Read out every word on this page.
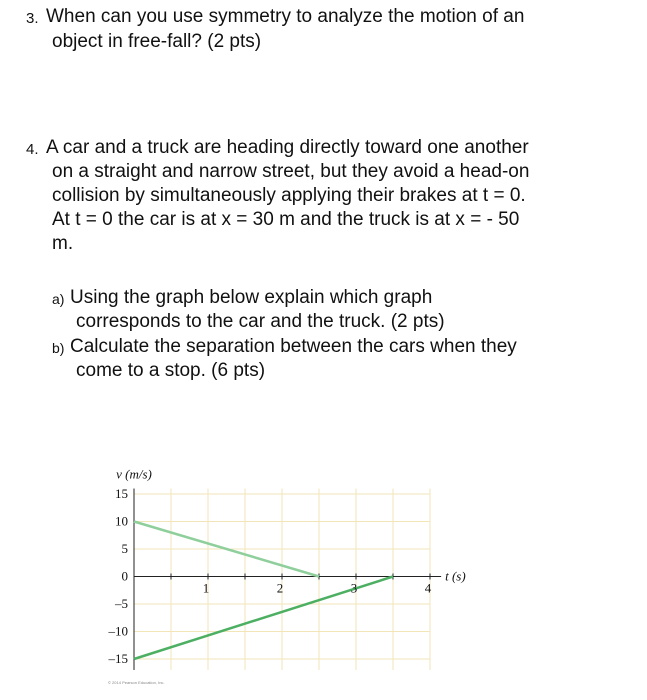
3. When can you use symmetry to analyze the motion of an
object in free-fall? (2 pts)
4. A car and a truck are heading directly toward one another
on a straight and narrow street, but they avoid a head-on
collision by simultaneously applying their brakes at t = 0.
At t = 0 the car is at x = 30 m and the truck is at x = - 50
m.
a) Using the graph below explain which graph
corresponds to the car and the truck. (2 pts)
b) Calculate the separation between the cars when they
come to a stop. (6 pts)
15
10
5
0
–5
–10
–15
1	2	3	4
v (m/s)
t (s)
© 2014 Pearson Education, Inc.
